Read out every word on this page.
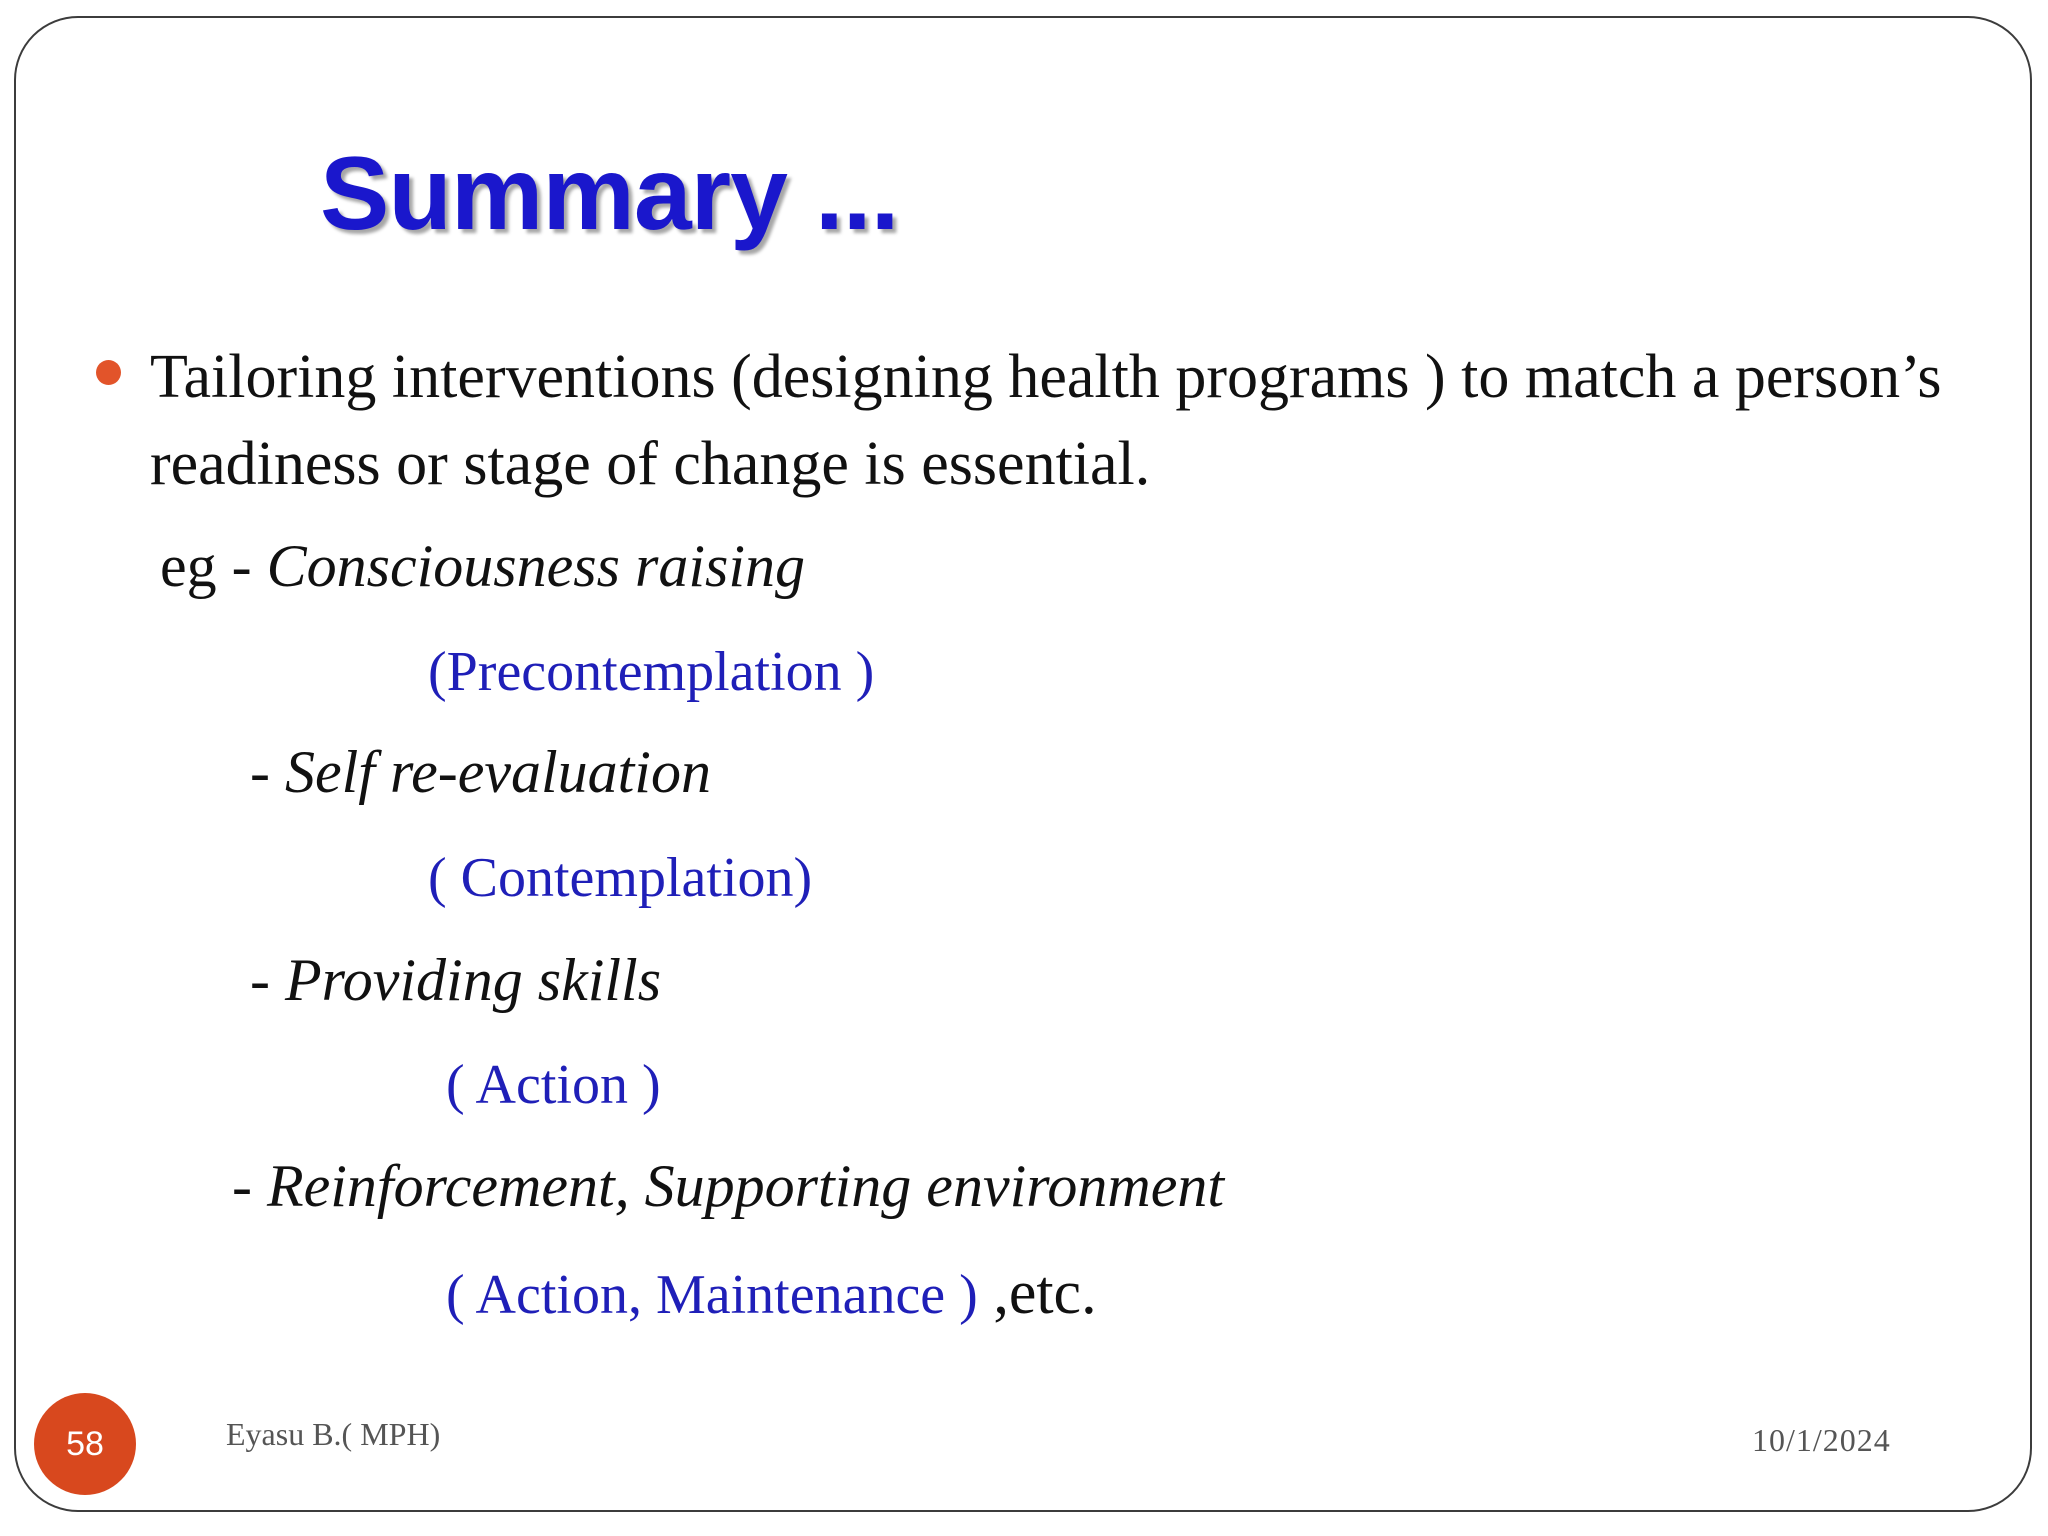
Summary ...
Tailoring interventions (designing health programs ) to match a person’s readiness or stage of change is essential.
eg - Consciousness raising
(Precontemplation )
- Self re-evaluation
( Contemplation)
- Providing skills
( Action )
- Reinforcement, Supporting environment
( Action, Maintenance ) ,etc.
58	Eyasu B.( MPH)	10/1/2024
